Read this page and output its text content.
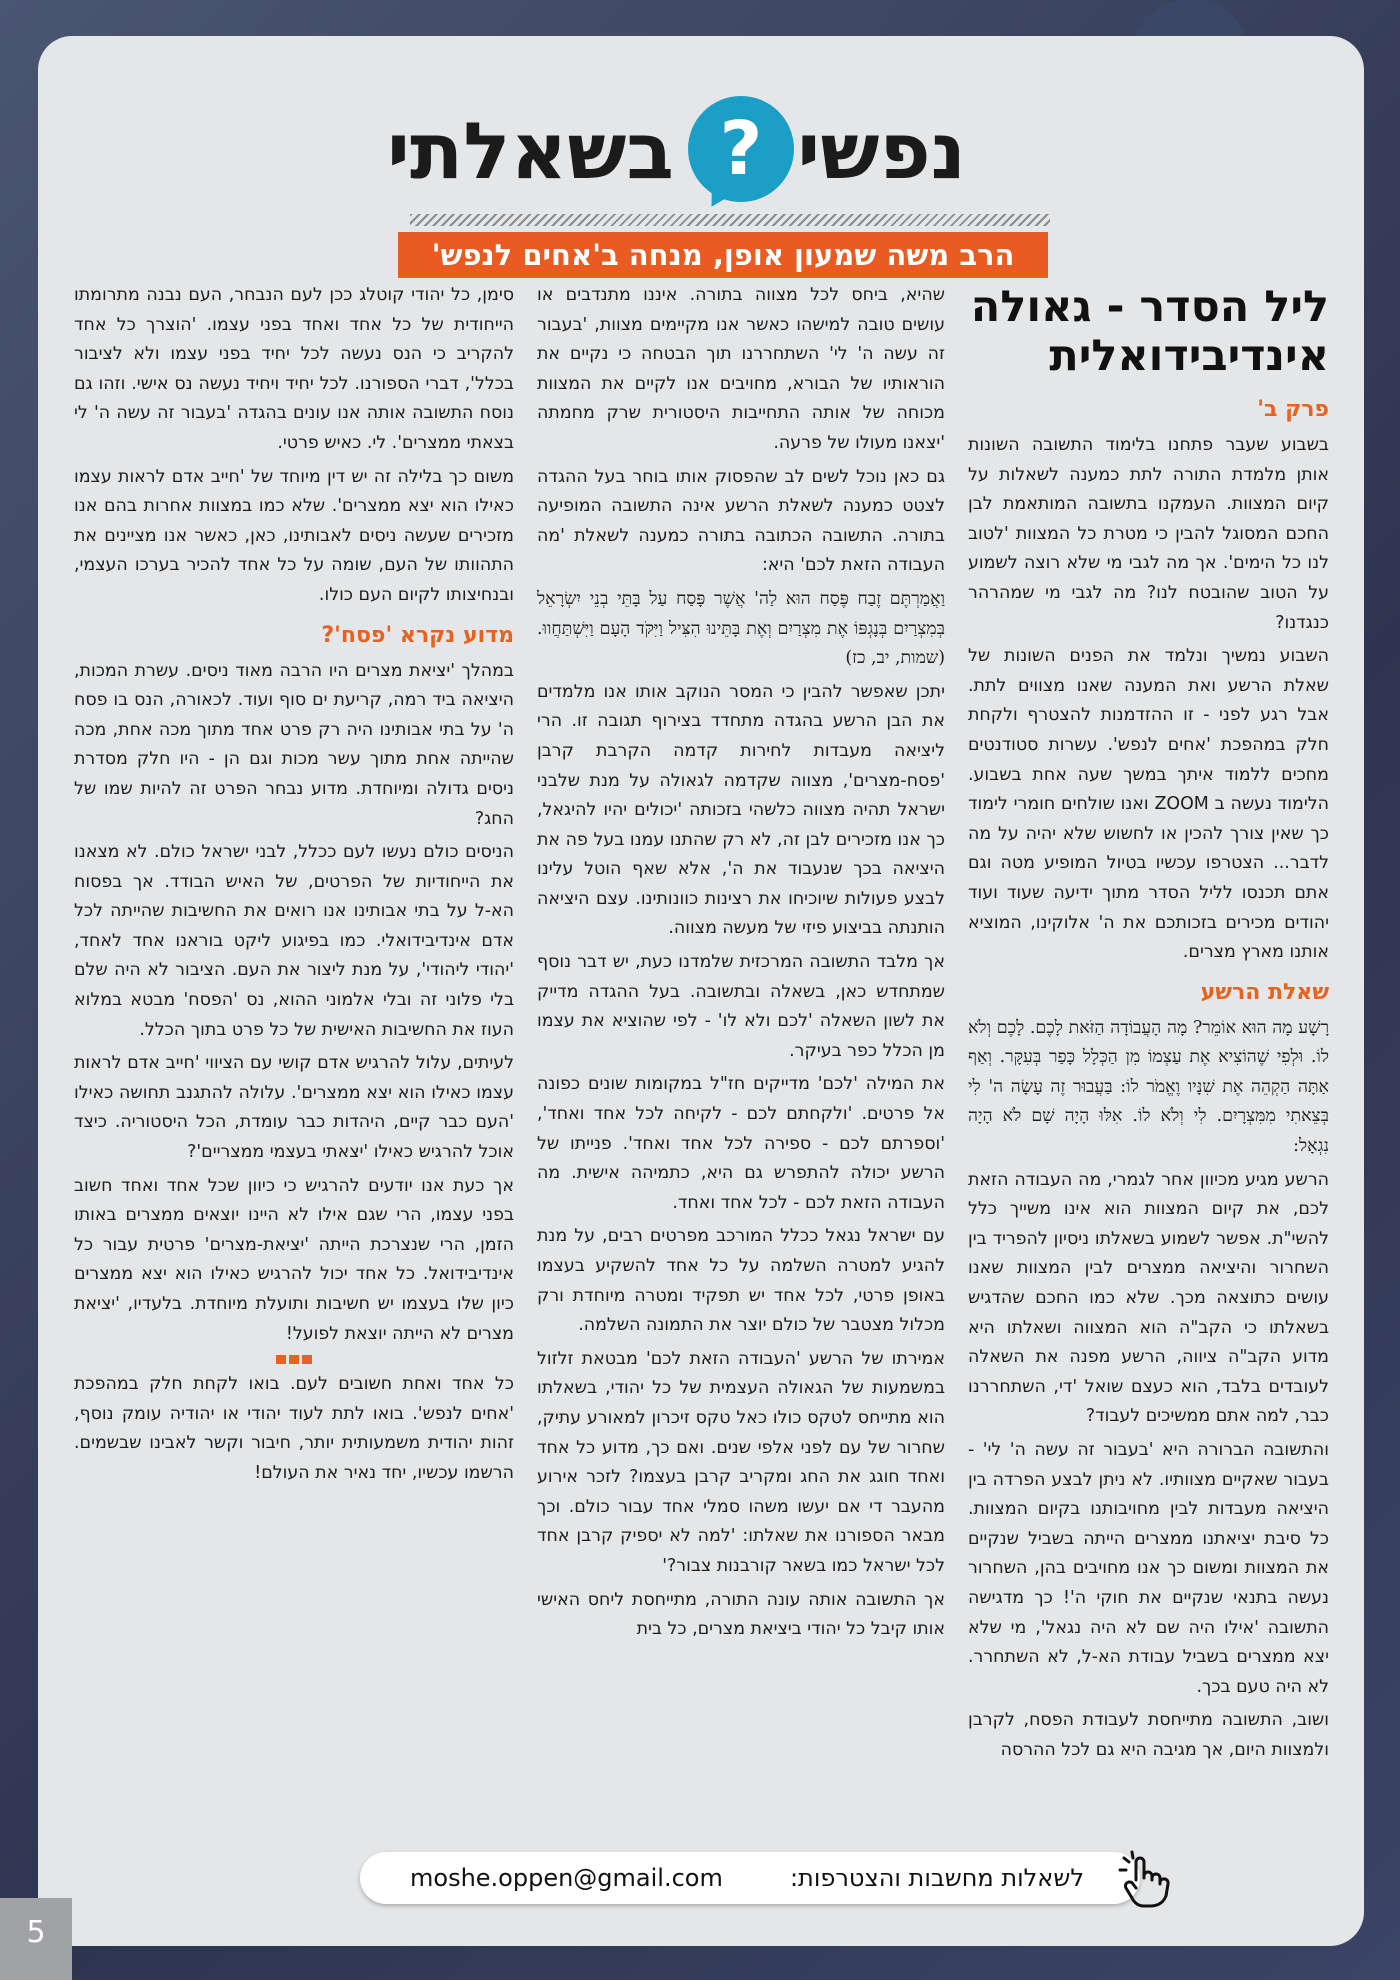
נפשי
?
בשאלתי
הרב משה שמעון אופן, מנחה ב'אחים לנפש'
ליל הסדר - גאולה אינדיבידואלית
פרק ב'

בשבוע שעבר פתחנו בלימוד התשובה השונות אותן מלמדת התורה לתת כמענה לשאלות על קיום המצוות. העמקנו בתשובה המותאמת לבן החכם המסוגל להבין כי מטרת כל המצוות 'לטוב לנו כל הימים'. אך מה לגבי מי שלא רוצה לשמוע על הטוב שהובטח לנו? מה לגבי מי שמהרהר כנגדנו?

השבוע נמשיך ונלמד את הפנים השונות של שאלת הרשע ואת המענה שאנו מצווים לתת. אבל רגע לפני - זו ההזדמנות להצטרף ולקחת חלק במהפכת 'אחים לנפש'. עשרות סטודנטים מחכים ללמוד איתך במשך שעה אחת בשבוע. הלימוד נעשה ב ZOOM ואנו שולחים חומרי לימוד כך שאין צורך להכין או לחשוש שלא יהיה על מה לדבר... הצטרפו עכשיו בטיול המופיע מטה וגם אתם תכנסו לליל הסדר מתוך ידיעה שעוד ועוד יהודים מכירים בזכותכם את ה' אלוקינו, המוציא אותנו מארץ מצרים.

שאלת הרשע

רָשָׁע מָה הוּא אוֹמֵר? מָה הָעֲבוֹדָה הַזֹּאת לָכֶם. לָכֶם וְלֹא לוֹ. וּלְפִי שֶׁהוֹצִיא אֶת עַצְמוֹ מִן הַכְּלָל כָּפַר בְּעִקָּר. וְאַף אַתָּה הַקְהֵה אֶת שִׁנָּיו וֶאֱמֹר לוֹ: בַּעֲבוּר זֶה עָשָׂה ה' לִי בְּצֵאתִי מִמִּצְרָיִם. לִי וְלֹא לוֹ. אִלּוּ הָיָה שָׁם לֹא הָיָה נִגְאָל:

הרשע מגיע מכיוון אחר לגמרי, מה העבודה הזאת לכם, את קיום המצוות הוא אינו משייך כלל להשי"ת. אפשר לשמוע בשאלתו ניסיון להפריד בין השחרור והיציאה ממצרים לבין המצוות שאנו עושים כתוצאה מכך. שלא כמו החכם שהדגיש בשאלתו כי הקב"ה הוא המצווה ושאלתו היא מדוע הקב"ה ציווה, הרשע מפנה את השאלה לעובדים בלבד, הוא כעצם שואל 'די, השתחררנו כבר, למה אתם ממשיכים לעבוד?

והתשובה הברורה היא 'בעבור זה עשה ה' לי' - בעבור שאקיים מצוותיו. לא ניתן לבצע הפרדה בין היציאה מעבדות לבין מחויבותנו בקיום המצוות. כל סיבת יציאתנו ממצרים הייתה בשביל שנקיים את המצוות ומשום כך אנו מחויבים בהן, השחרור נעשה בתנאי שנקיים את חוקי ה'! כך מדגישה התשובה 'אילו היה שם לא היה נגאל', מי שלא יצא ממצרים בשביל עבודת הא-ל, לא השתחרר. לא היה טעם בכך.

ושוב, התשובה מתייחסת לעבודת הפסח, לקרבן ולמצוות היום, אך מגיבה היא גם לכל ההרסה

שהיא, ביחס לכל מצווה בתורה. איננו מתנדבים או עושים טובה למישהו כאשר אנו מקיימים מצוות, 'בעבור זה עשה ה' לי' השתחררנו תוך הבטחה כי נקיים את הוראותיו של הבורא, מחויבים אנו לקיים את המצוות מכוחה של אותה התחייבות היסטורית שרק מחמתה 'יצאנו מעולו של פרעה.

גם כאן נוכל לשים לב שהפסוק אותו בוחר בעל ההגדה לצטט כמענה לשאלת הרשע אינה התשובה המופיעה בתורה. התשובה הכתובה בתורה כמענה לשאלת 'מה העבודה הזאת לכם' היא:

וַאֲמַרְתֶּם זֶבַח פֶּסַח הוּא לַה' אֲשֶׁר פָּסַח עַל בָּתֵּי בְנֵי יִשְׂרָאֵל בְּמִצְרַיִם בְּנָגְפּוֹ אֶת מִצְרַיִם וְאֶת בָּתֵּינוּ הִצִּיל וַיִּקֹּד הָעָם וַיִּשְׁתַּחֲווּ. (שמות, יב, כז)

יתכן שאפשר להבין כי המסר הנוקב אותו אנו מלמדים את הבן הרשע בהגדה מתחדד בצירוף תגובה זו. הרי ליציאה מעבדות לחירות קדמה הקרבת קרבן 'פסח-מצרים', מצווה שקדמה לגאולה על מנת שלבני ישראל תהיה מצווה כלשהי בזכותה 'יכולים יהיו להיגאל, כך אנו מזכירים לבן זה, לא רק שהתנו עמנו בעל פה את היציאה בכך שנעבוד את ה', אלא שאף הוטל עלינו לבצע פעולות שיוכיחו את רצינות כוונותינו. עצם היציאה הותנתה בביצוע פיזי של מעשה מצווה.

אך מלבד התשובה המרכזית שלמדנו כעת, יש דבר נוסף שמתחדש כאן, בשאלה ובתשובה. בעל ההגדה מדייק את לשון השאלה 'לכם ולא לו' - לפי שהוציא את עצמו מן הכלל כפר בעיקר.

את המילה 'לכם' מדייקים חז"ל במקומות שונים כפונה אל פרטים. 'ולקחתם לכם - לקיחה לכל אחד ואחד', 'וספרתם לכם - ספירה לכל אחד ואחד'. פנייתו של הרשע יכולה להתפרש גם היא, כתמיהה אישית. מה העבודה הזאת לכם - לכל אחד ואחד.

עם ישראל נגאל ככלל המורכב מפרטים רבים, על מנת להגיע למטרה השלמה על כל אחד להשקיע בעצמו באופן פרטי, לכל אחד יש תפקיד ומטרה מיוחדת ורק מכלול מצטבר של כולם יוצר את התמונה השלמה.

אמירתו של הרשע 'העבודה הזאת לכם' מבטאת זלזול במשמעות של הגאולה העצמית של כל יהודי, בשאלתו הוא מתייחס לטקס כולו כאל טקס זיכרון למאורע עתיק, שחרור של עם לפני אלפי שנים. ואם כך, מדוע כל אחד ואחד חוגג את החג ומקריב קרבן בעצמו? לזכר אירוע מהעבר די אם יעשו משהו סמלי אחד עבור כולם. וכך מבאר הספורנו את שאלתו: 'למה לא יספיק קרבן אחד לכל ישראל כמו בשאר קורבנות צבור?'

אך התשובה אותה עונה התורה, מתייחסת ליחס האישי אותו קיבל כל יהודי ביציאת מצרים, כל בית

סימן, כל יהודי קוטלג ככן לעם הנבחר, העם נבנה מתרומתו הייחודית של כל אחד ואחד בפני עצמו. 'הוצרך כל אחד להקריב כי הנס נעשה לכל יחיד בפני עצמו ולא לציבור בכלל', דברי הספורנו. לכל יחיד ויחיד נעשה נס אישי. וזהו גם נוסח התשובה אותה אנו עונים בהגדה 'בעבור זה עשה ה' לי בצאתי ממצרים'. לי. כאיש פרטי.

משום כך בלילה זה יש דין מיוחד של 'חייב אדם לראות עצמו כאילו הוא יצא ממצרים'. שלא כמו במצוות אחרות בהם אנו מזכירים שעשה ניסים לאבותינו, כאן, כאשר אנו מציינים את התהוותו של העם, שומה על כל אחד להכיר בערכו העצמי, ובנחיצותו לקיום העם כולו.

מדוע נקרא 'פסח'?

במהלך 'יציאת מצרים היו הרבה מאוד ניסים. עשרת המכות, היציאה ביד רמה, קריעת ים סוף ועוד. לכאורה, הנס בו פסח ה' על בתי אבותינו היה רק פרט אחד מתוך מכה אחת, מכה שהייתה אחת מתוך עשר מכות וגם הן - היו חלק מסדרת ניסים גדולה ומיוחדת. מדוע נבחר הפרט זה להיות שמו של החג?

הניסים כולם נעשו לעם ככלל, לבני ישראל כולם. לא מצאנו את הייחודיות של הפרטים, של האיש הבודד. אך בפסוח הא-ל על בתי אבותינו אנו רואים את החשיבות שהייתה לכל אדם אינדיבידואלי. כמו בפיגוע ליקט בוראנו אחד לאחד, 'יהודי ליהודי', על מנת ליצור את העם. הציבור לא היה שלם בלי פלוני זה ובלי אלמוני ההוא, נס 'הפסח' מבטא במלוא העוז את החשיבות האישית של כל פרט בתוך הכלל.

לעיתים, עלול להרגיש אדם קושי עם הציווי 'חייב אדם לראות עצמו כאילו הוא יצא ממצרים'. עלולה להתגנב תחושה כאילו 'העם כבר קיים, היהדות כבר עומדת, הכל היסטוריה. כיצד אוכל להרגיש כאילו 'יצאתי בעצמי ממצריים'?

אך כעת אנו יודעים להרגיש כי כיוון שכל אחד ואחד חשוב בפני עצמו, הרי שגם אילו לא היינו יוצאים ממצרים באותו הזמן, הרי שנצרכת הייתה 'יציאת-מצרים' פרטית עבור כל אינדיבידואל. כל אחד יכול להרגיש כאילו הוא יצא ממצרים כיון שלו בעצמו יש חשיבות ותועלת מיוחדת. בלעדיו, 'יציאת מצרים לא הייתה יוצאת לפועל!

כל אחד ואחת חשובים לעם. בואו לקחת חלק במהפכת 'אחים לנפש'. בואו לתת לעוד יהודי או יהודיה עומק נוסף, זהות יהודית משמעותית יותר, חיבור וקשר לאבינו שבשמים. הרשמו עכשיו, יחד נאיר את העולם!

לשאלות מחשבות והצטרפות:
moshe.oppen@gmail.com
5
